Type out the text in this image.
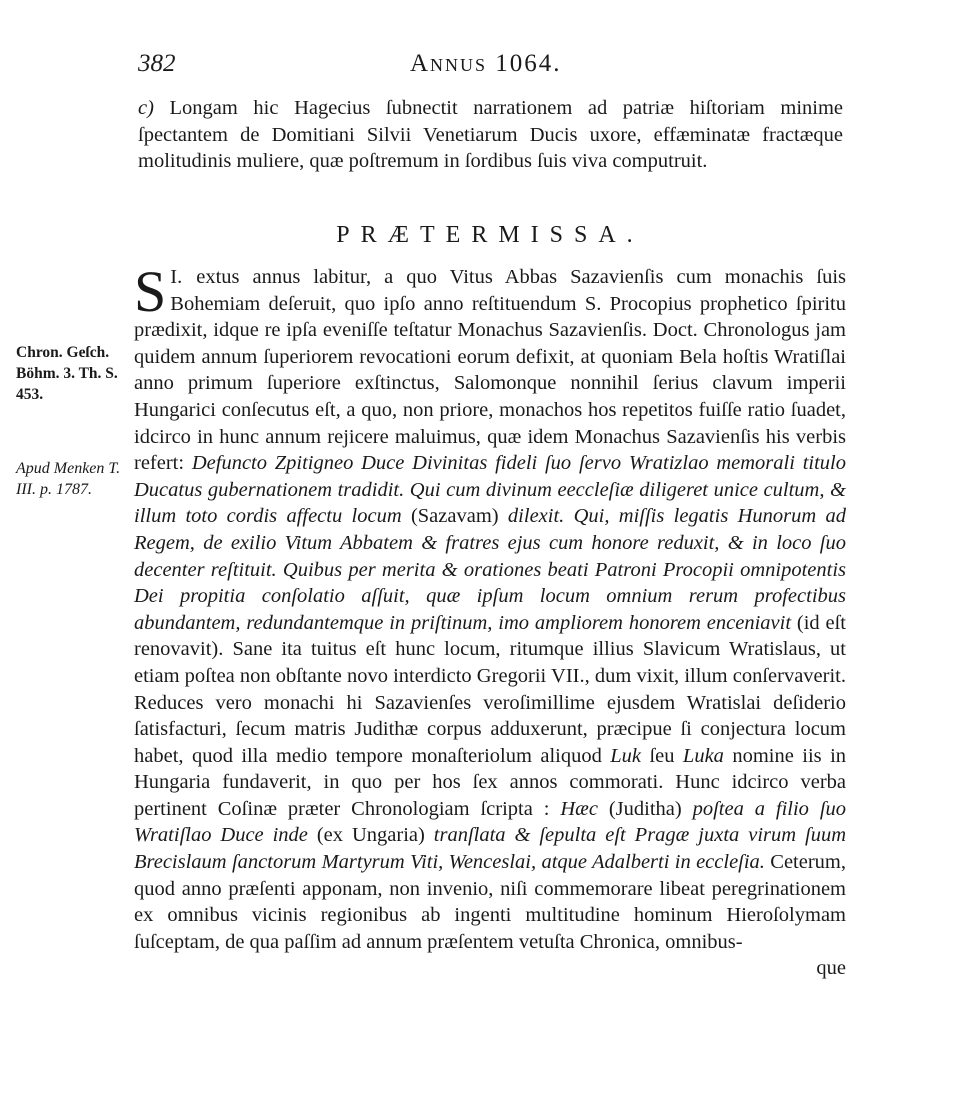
382	Annus 1064.
c) Longam hic Hagecius ſubnectit narrationem ad patriæ hiſtoriam minime ſpectantem de Domitiani Silvii Venetiarum Ducis uxore, effæminatæ fractæque molitudinis muliere, quæ poſtremum in ſordibus ſuis viva computruit.
PRÆTERMISSA.
Chron. Geſch. Böhm. 3. Th. S. 453.
Apud Menken T. III. p. 1787.
I.
S extus annus labitur, a quo Vitus Abbas Sazavienſis cum monachis ſuis Bohemiam deſeruit, quo ipſo anno reſtituendum S. Procopius prophetico ſpiritu prædixit, idque re ipſa eveniſſe teſtatur Monachus Sazavienſis. Doct. Chronologus jam quidem annum ſuperiorem revocationi eorum defixit, at quoniam Bela hoſtis Wratiſlai anno primum ſuperiore exſtinctus, Salomonque nonnihil ſerius clavum imperii Hungarici conſecutus eſt, a quo, non priore, monachos hos repetitos fuiſſe ratio ſuadet, idcirco in hunc annum rejicere maluimus, quæ idem Monachus Sazavienſis his verbis refert: Defuncto Zpitigneo Duce Divinitas fideli ſuo ſervo Wratizlao memorali titulo Ducatus gubernationem tradidit. Qui cum divinum eeccleſiæ diligeret unice cultum, & illum toto cordis affectu locum (Sazavam) dilexit. Qui, miſſis legatis Hunorum ad Regem, de exilio Vitum Abbatem & fratres ejus cum honore reduxit, & in loco ſuo decenter reſtituit. Quibus per merita & orationes beati Patroni Procopii omnipotentis Dei propitia conſolatio aſſuit, quæ ipſum locum omnium rerum profectibus abundantem, redundantemque in priſtinum, imo ampliorem honorem enceniavit (id eſt renovavit). Sane ita tuitus eſt hunc locum, ritumque illius Slavicum Wratislaus, ut etiam poſtea non obſtante novo interdicto Gregorii VII., dum vixit, illum conſervaverit. Reduces vero monachi hi Sazavienſes veroſimillime ejusdem Wratislai deſiderio ſatisfacturi, ſecum matris Judithæ corpus adduxerunt, præcipue ſi conjectura locum habet, quod illa medio tempore monaſteriolum aliquod Luk ſeu Luka nomine iis in Hungaria fundaverit, in quo per hos ſex annos commorati. Hunc idcirco verba pertinent Coſinæ præter Chronologiam ſcripta : Hæc (Juditha) poſtea a filio ſuo Wratiſlao Duce inde (ex Ungaria) tranſlata & ſepulta eſt Pragæ juxta virum ſuum Brecislaum ſanctorum Martyrum Viti, Wenceslai, atque Adalberti in eccleſia. Ceterum, quod anno præſenti apponam, non invenio, niſi commemorare libeat peregrinationem ex omnibus vicinis regionibus ab ingenti multitudine hominum Hieroſolymam ſuſceptam, de qua paſſim ad annum præſentem vetuſta Chronica, omnibus-
que
